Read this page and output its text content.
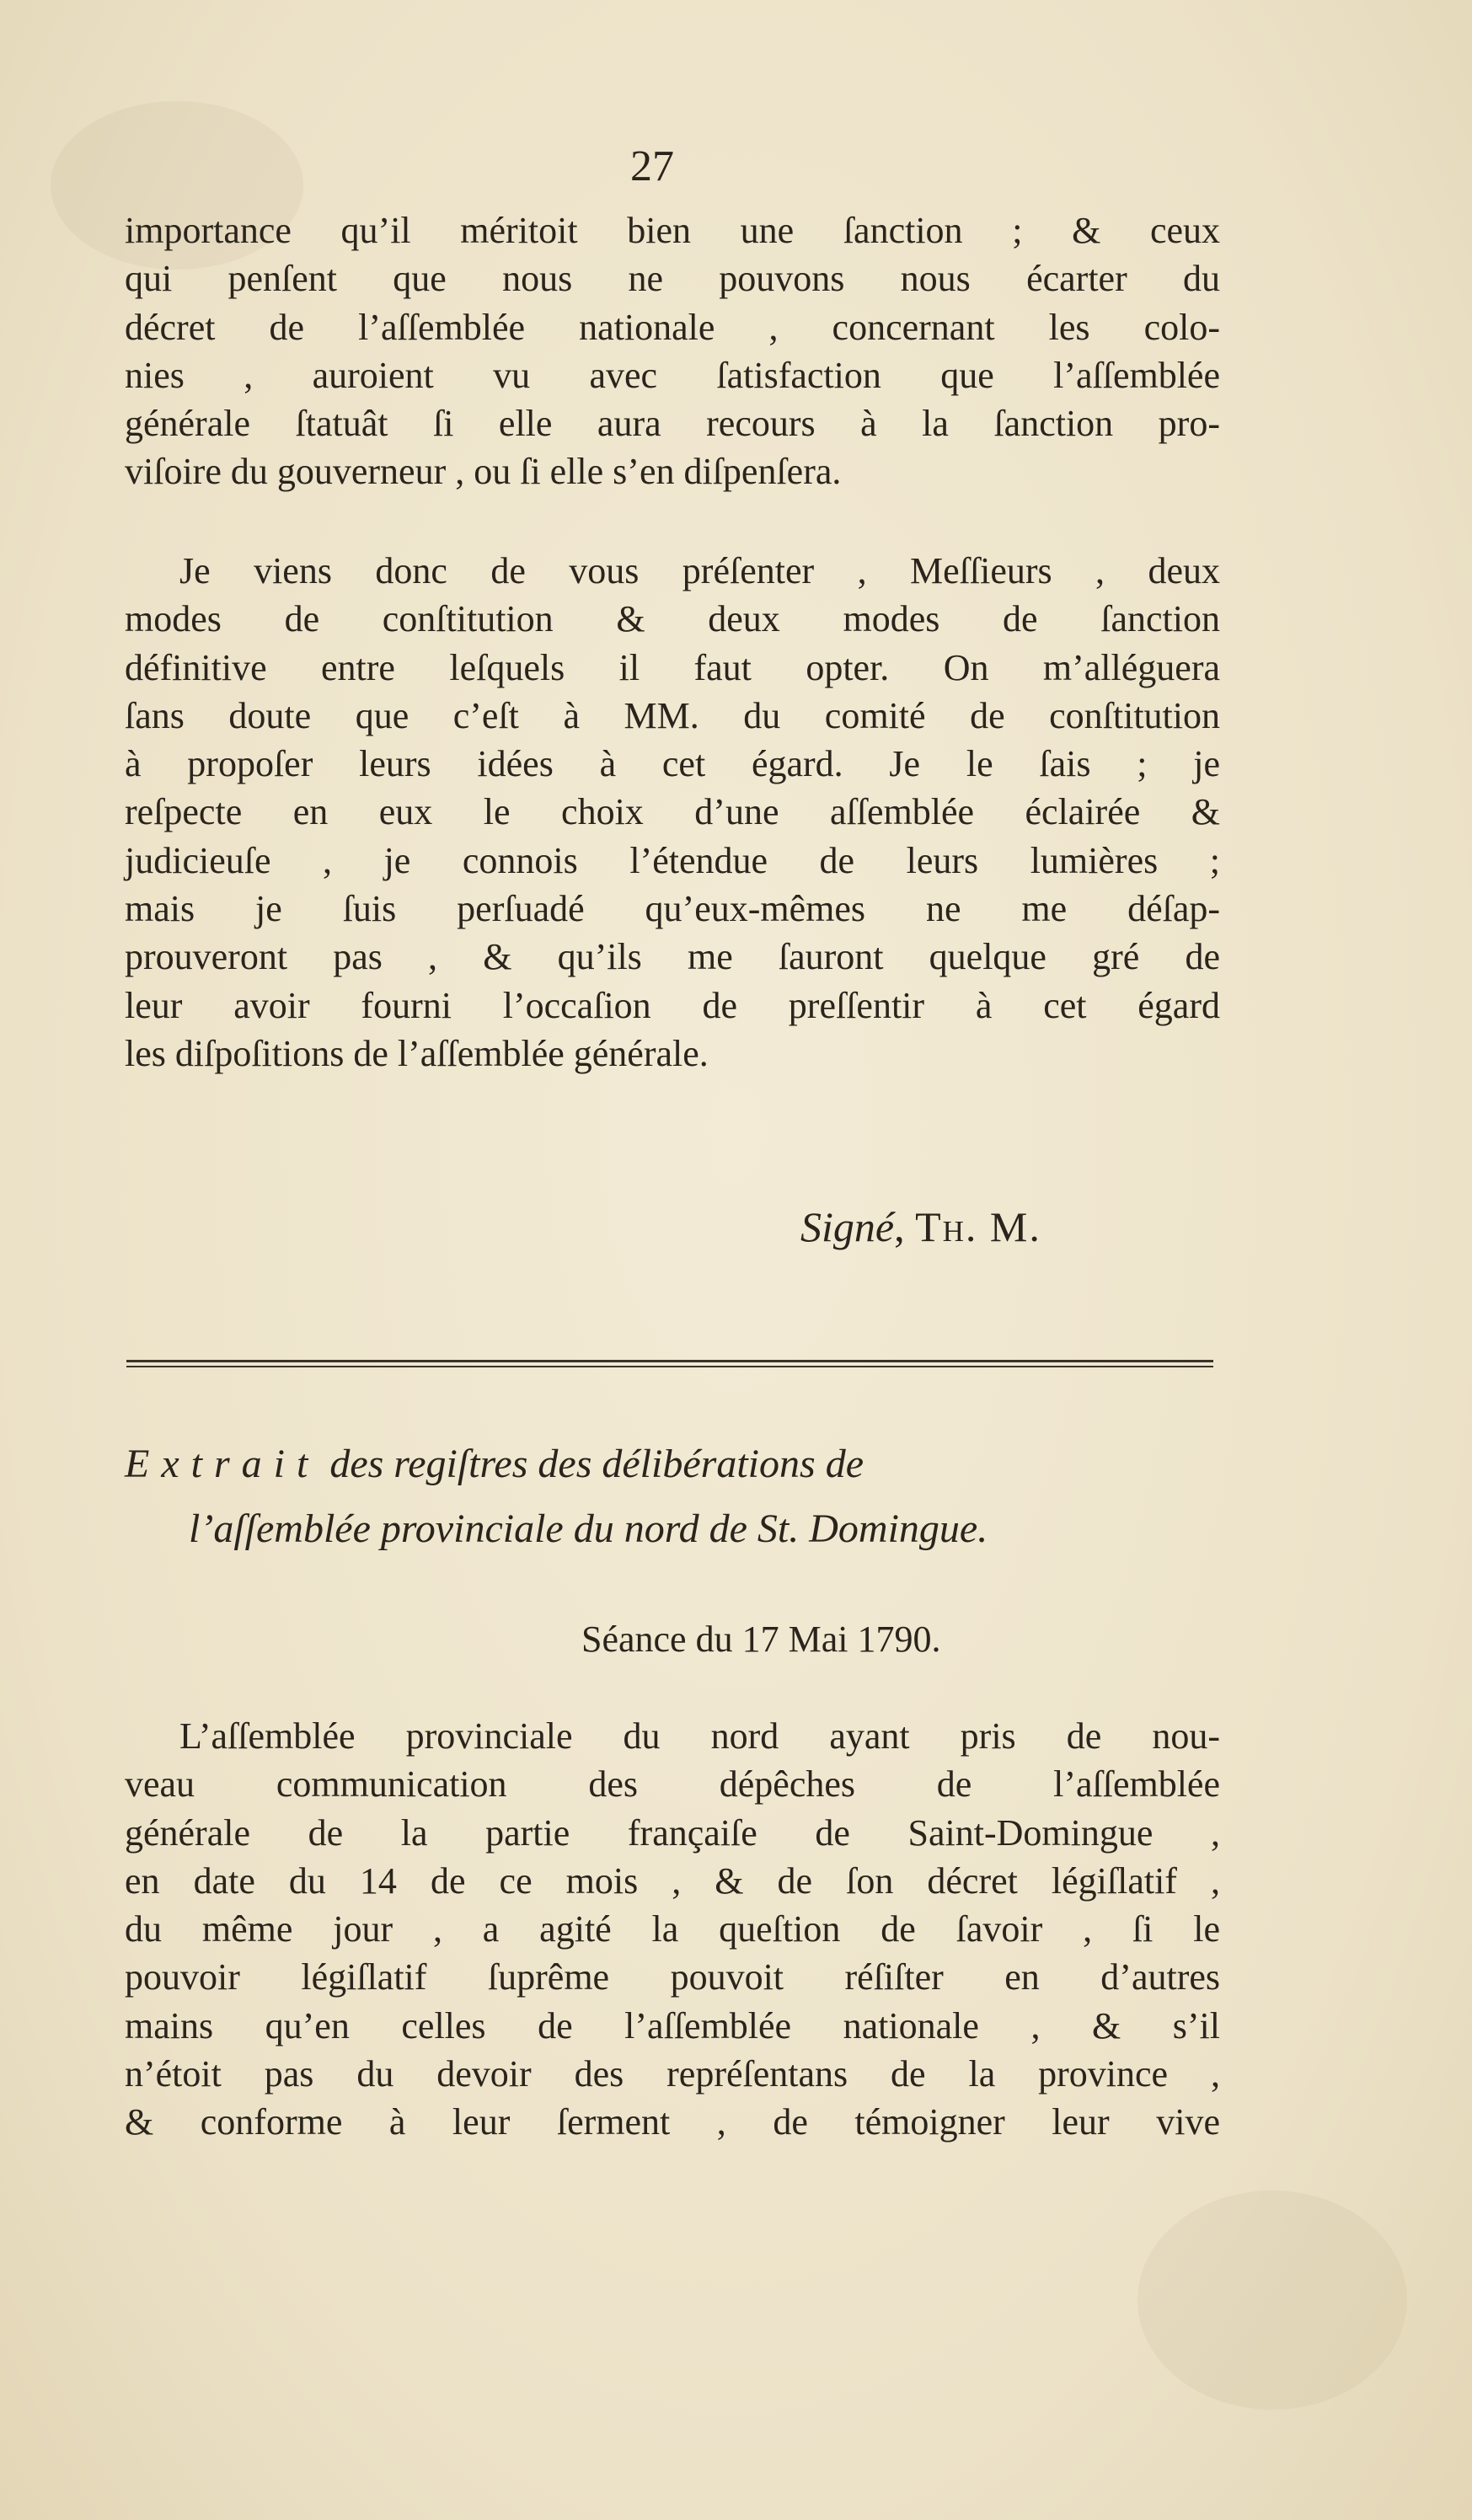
27
importance qu’il méritoit bien une ſanction ; & ceux
qui penſent que nous ne pouvons nous écarter du
décret de l’aſſemblée nationale , concernant les colo-
nies , auroient vu avec ſatisfaction que l’aſſemblée
générale ſtatuât ſi elle aura recours à la ſanction pro-
viſoire du gouverneur , ou ſi elle s’en diſpenſera.
Je viens donc de vous préſenter , Meſſieurs , deux
modes de conſtitution & deux modes de ſanction
définitive entre leſquels il faut opter. On m’alléguera
ſans doute que c’eſt à MM. du comité de conſtitution
à propoſer leurs idées à cet égard. Je le ſais ; je
reſpecte en eux le choix d’une aſſemblée éclairée &
judicieuſe , je connois l’étendue de leurs lumières ;
mais je ſuis perſuadé qu’eux-mêmes ne me déſap-
prouveront pas , & qu’ils me ſauront quelque gré de
leur avoir fourni l’occaſion de preſſentir à cet égard
les diſpoſitions de l’aſſemblée générale.
Signé, Th. M.
Extrait des regiſtres des délibérations de
l’aſſemblée provinciale du nord de St. Domingue.
Séance du 17 Mai 1790.
L’aſſemblée provinciale du nord ayant pris de nou-
veau communication des dépêches de l’aſſemblée
générale de la partie françaiſe de Saint-Domingue ,
en date du 14 de ce mois , & de ſon décret légiſlatif ,
du même jour , a agité la queſtion de ſavoir , ſi le
pouvoir légiſlatif ſuprême pouvoit réſiſter en d’autres
mains qu’en celles de l’aſſemblée nationale , & s’il
n’étoit pas du devoir des repréſentans de la province ,
& conforme à leur ſerment , de témoigner leur vive
